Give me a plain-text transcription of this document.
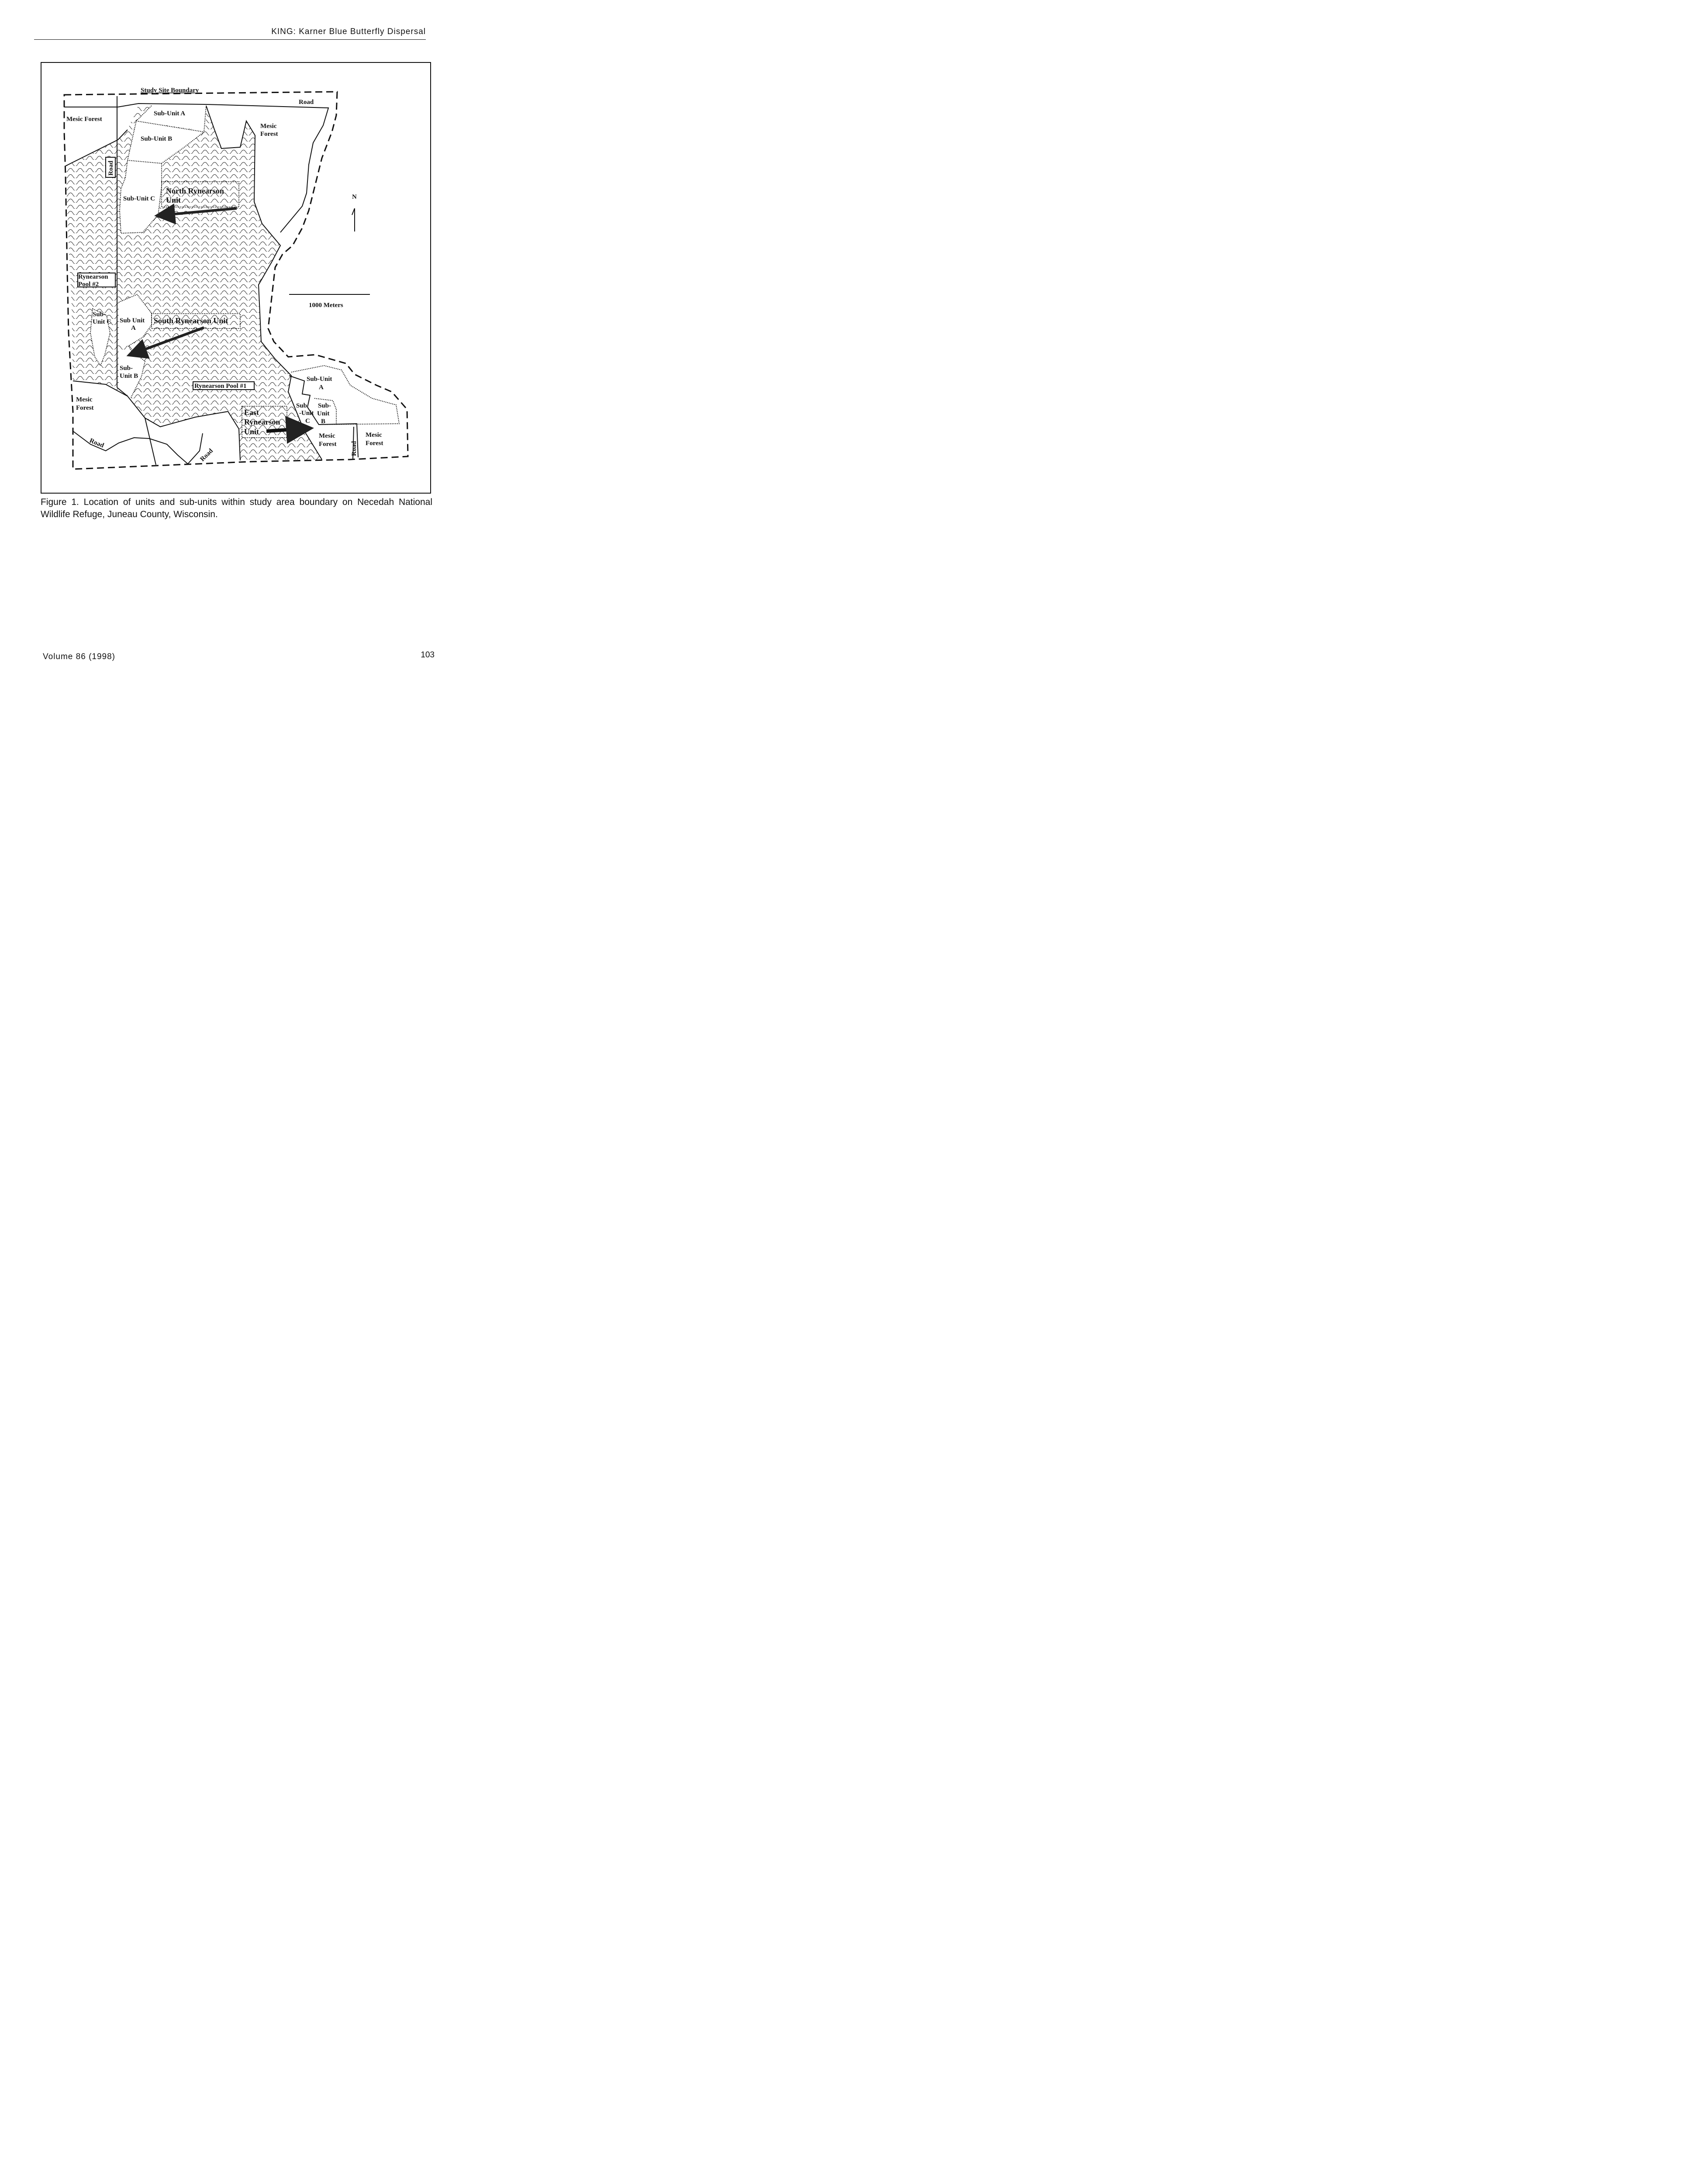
KING: Karner Blue Butterfly Dispersal
Study Site Boundary
Road
Mesic Forest
Mesic
Forest
Road
Sub-Unit A
Sub-Unit B
Sub-Unit C
North Rynearson
Unit	N
Rynearson
Pool #2
1000 Meters
Sub-
Unit C Sub Unit
A
South Rynearson Unit
Sub-
Unit B
Rynearson Pool #1
Mesic
Forest
Road
Road
East
Rynearson
Unit
Sub-Unit
A
Sub
-Unit
C
Sub-
Unit
B
Mesic
Forest Road
Mesic
Forest
Figure 1. Location of units and sub-units within study area boundary on Necedah National Wildlife Refuge, Juneau County, Wisconsin.
Volume 86 (1998)	103
